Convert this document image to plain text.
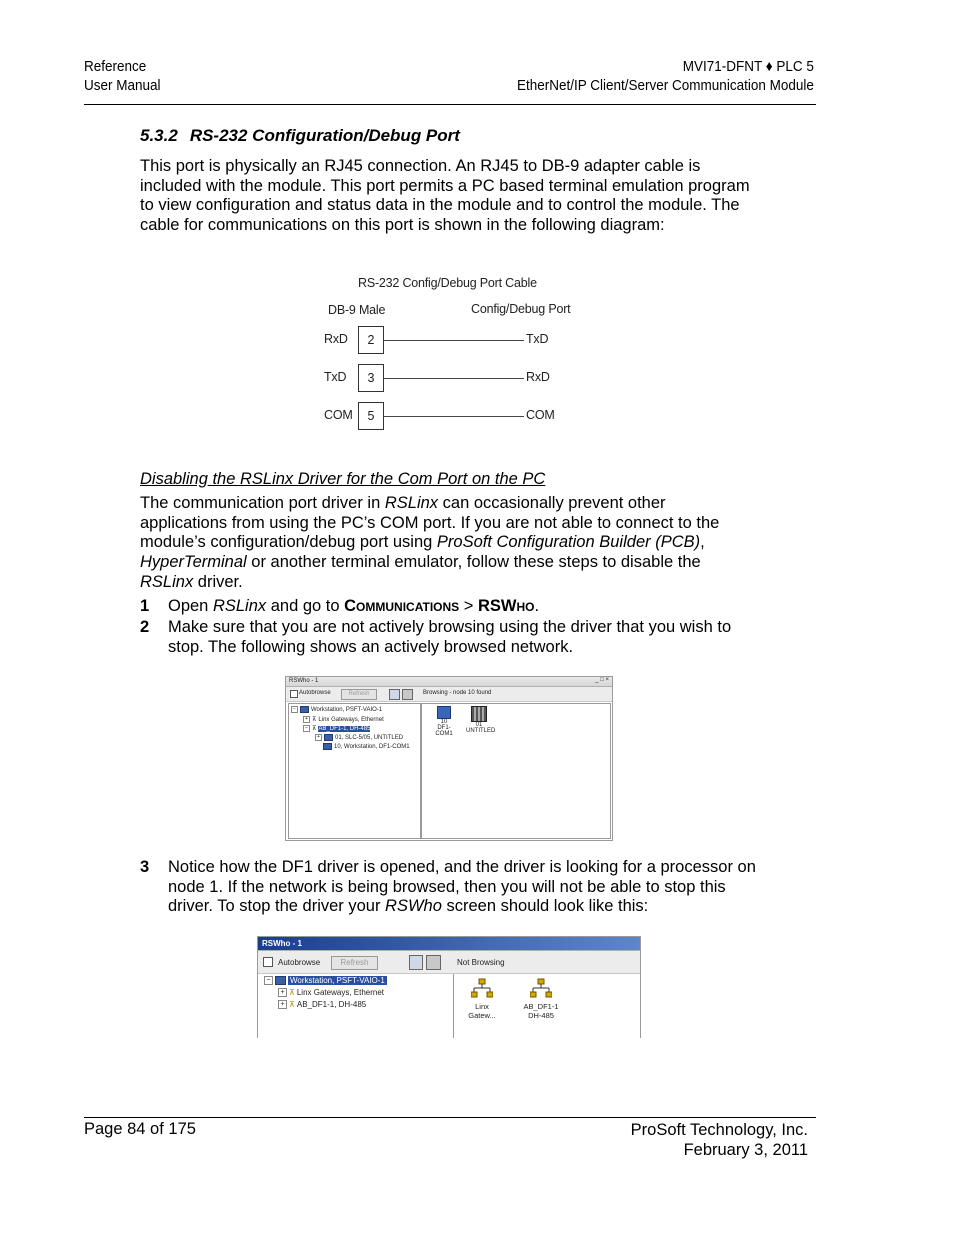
Reference
User Manual
MVI71-DFNT ♦ PLC 5
EtherNet/IP Client/Server Communication Module
5.3.2 RS-232 Configuration/Debug Port
This port is physically an RJ45 connection. An RJ45 to DB-9 adapter cable is included with the module. This port permits a PC based terminal emulation program to view configuration and status data in the module and to control the module. The cable for communications on this port is shown in the following diagram:
RS-232 Config/Debug Port Cable
DB-9 Male	Config/Debug Port
RxD	2	TxD
TxD	3	RxD
COM	5	COM
Disabling the RSLinx Driver for the Com Port on the PC
The communication port driver in RSLinx can occasionally prevent other applications from using the PC’s COM port. If you are not able to connect to the module’s configuration/debug port using ProSoft Configuration Builder (PCB), HyperTerminal or another terminal emulator, follow these steps to disable the RSLinx driver.
1 Open RSLinx and go to Communications > RSWho.
2 Make sure that you are not actively browsing using the driver that you wish to stop. The following shows an actively browsed network.
RSWho - 1	_ □ ×
Autobrowse	Refresh	Browsing - node 10 found
−	Workstation, PSFT-VAIO-1
+ ⊼ Linx Gateways, Ethernet
− ⊼ AB_DF1-1, DH-485
+	01, SLC-5/05, UNTITLED
10, Workstation, DF1-COM1
10
DF1-COM1
01
UNTITLED
3 Notice how the DF1 driver is opened, and the driver is looking for a processor on node 1. If the network is being browsed, then you will not be able to stop this driver. To stop the driver your RSWho screen should look like this:
RSWho - 1
Autobrowse	Refresh	Not Browsing
− Workstation, PSFT-VAIO-1
+ ⊼ Linx Gateways, Ethernet
+ ⊼ AB_DF1-1, DH-485	Linx
Gatew...
AB_DF1-1
DH-485
Page 84 of 175	ProSoft Technology, Inc.
February 3, 2011
